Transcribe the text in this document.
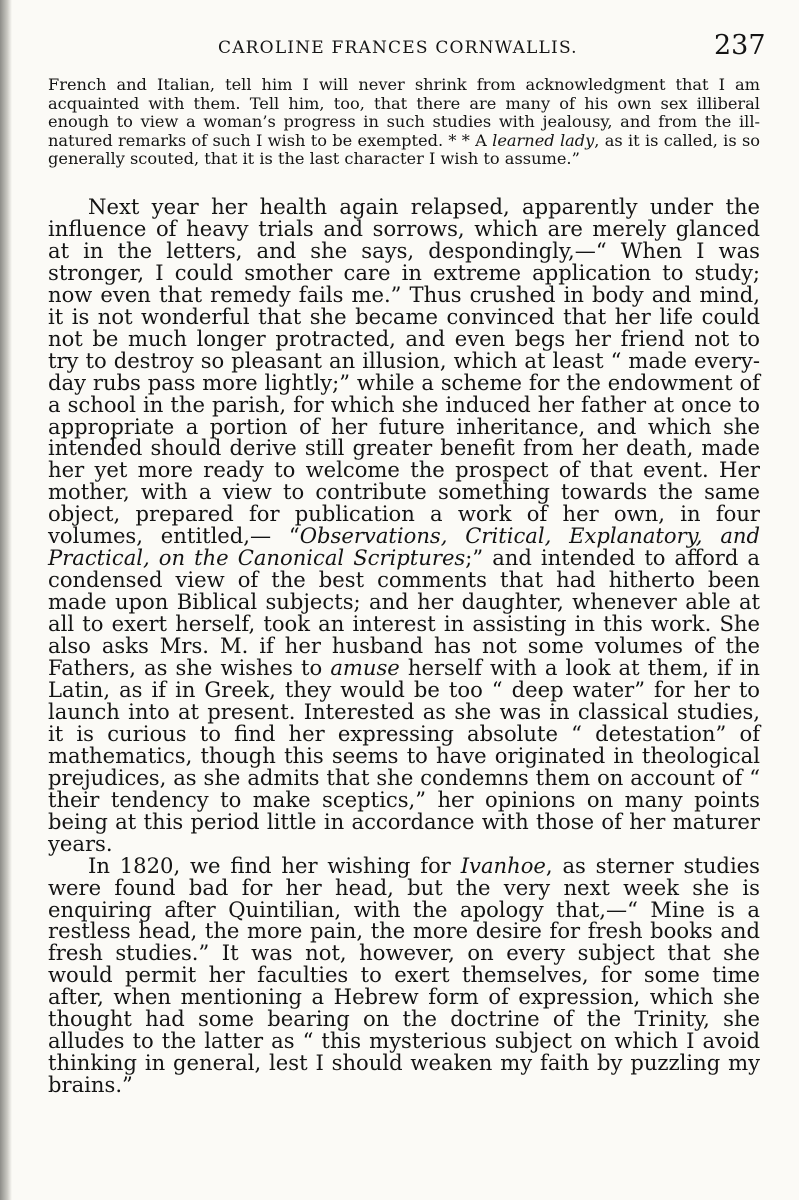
CAROLINE FRANCES CORNWALLIS.	237

French and Italian, tell him I will never shrink from acknowledgment that I am acquainted with them. Tell him, too, that there are many of his own sex illiberal enough to view a woman’s progress in such studies with jealousy, and from the ill-natured remarks of such I wish to be exempted. * * A learned lady, as it is called, is so generally scouted, that it is the last character I wish to assume.”

Next year her health again relapsed, apparently under the influence of heavy trials and sorrows, which are merely glanced at in the letters, and she says, despondingly,—“ When I was stronger, I could smother care in extreme application to study; now even that remedy fails me.” Thus crushed in body and mind, it is not wonderful that she became convinced that her life could not be much longer protracted, and even begs her friend not to try to destroy so pleasant an illusion, which at least “ made every-day rubs pass more lightly;” while a scheme for the endowment of a school in the parish, for which she induced her father at once to appropriate a portion of her future inheritance, and which she intended should derive still greater benefit from her death, made her yet more ready to welcome the prospect of that event. Her mother, with a view to contribute something towards the same object, prepared for publication a work of her own, in four volumes, entitled,— “Observations, Critical, Explanatory, and Practical, on the Canonical Scriptures;” and intended to afford a condensed view of the best comments that had hitherto been made upon Biblical subjects; and her daughter, whenever able at all to exert herself, took an interest in assisting in this work. She also asks Mrs. M. if her husband has not some volumes of the Fathers, as she wishes to amuse herself with a look at them, if in Latin, as if in Greek, they would be too “ deep water” for her to launch into at present. Interested as she was in classical studies, it is curious to find her expressing absolute “ detestation” of mathematics, though this seems to have originated in theological prejudices, as she admits that she condemns them on account of “ their tendency to make sceptics,” her opinions on many points being at this period little in accordance with those of her maturer years.

In 1820, we find her wishing for Ivanhoe, as sterner studies were found bad for her head, but the very next week she is enquiring after Quintilian, with the apology that,—“ Mine is a restless head, the more pain, the more desire for fresh books and fresh studies.” It was not, however, on every subject that she would permit her faculties to exert themselves, for some time after, when mentioning a Hebrew form of expression, which she thought had some bearing on the doctrine of the Trinity, she alludes to the latter as “ this mysterious subject on which I avoid thinking in general, lest I should weaken my faith by puzzling my brains.”
